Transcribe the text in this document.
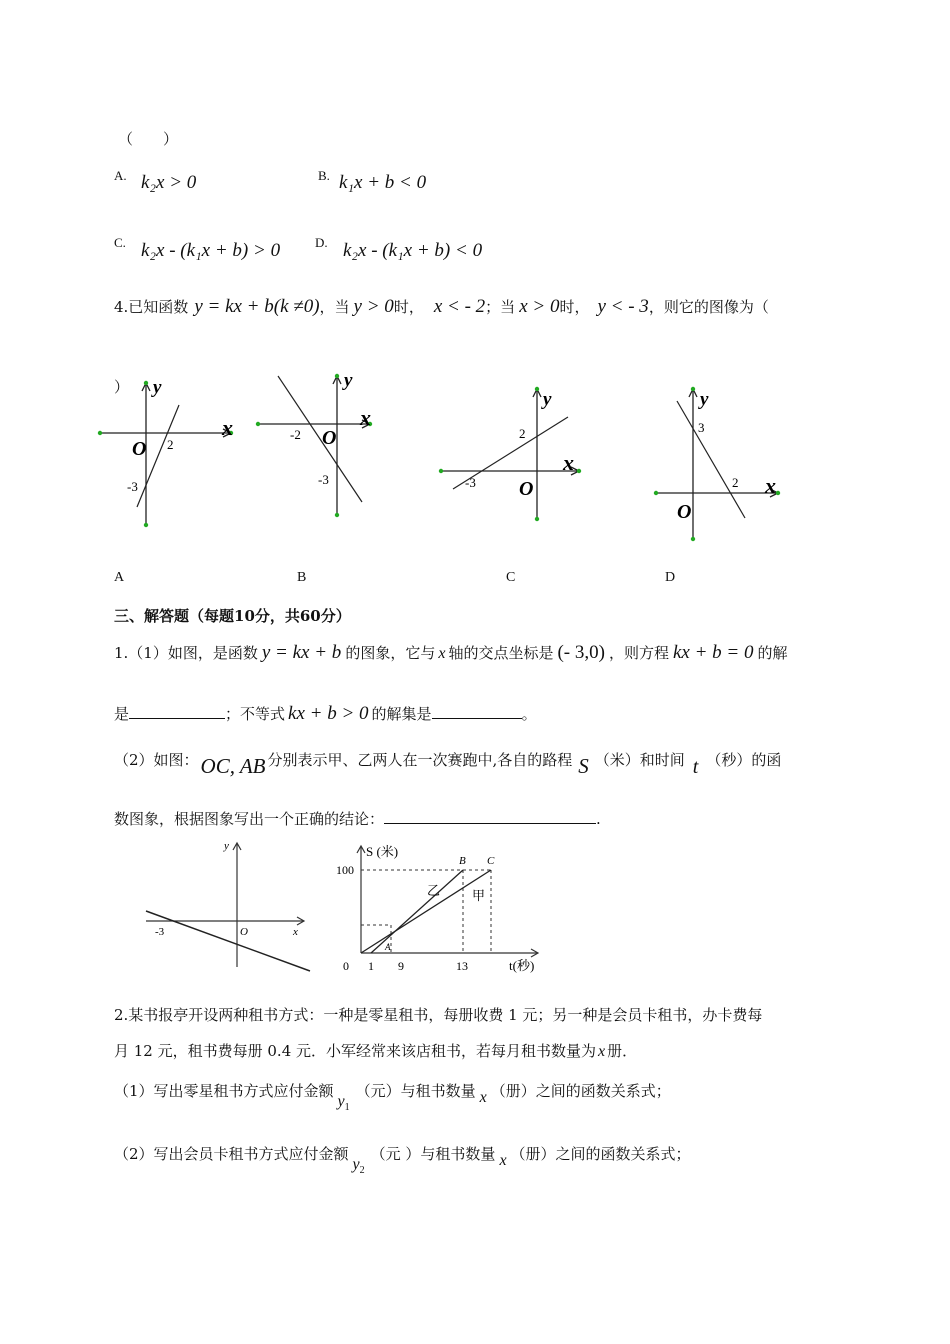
（　　）
A. k₂x > 0	B. k₁x + b < 0
C. k₂x - (k₁x + b) > 0	D. k₂x - (k₁x + b) < 0
4.已知函数 y = kx + b(k ≠0) ，当 y > 0 时， x < - 2 ；当 x > 0 时， y < - 3 ，则它的图像为（
） y
x
O 2
-3
A
y
x
O
-2
-3
B
y
x
O
2
-3
C
y
x
O
3
2
D
三、解答题（每题10分，共60分）
1.（1）如图，是函数 y = kx + b 的图象，它与 x 轴的交点坐标是 (- 3,0) ，则方程 kx + b = 0 的解
是	；不等式 kx + b > 0 的解集是	。
（2）如图： OC, AB 分别表示甲、乙两人在一次赛跑中,各自的路程 S （米）和时间 t （秒）的函
数图象，根据图象写出一个正确的结论：	.
y
x
O
-3
S (米)
100
t(秒)
0 1 9	13
A
B C
乙 甲
2.某书报亭开设两种租书方式：一种是零星租书，每册收费 1 元；另一种是会员卡租书，办卡费每
月 12 元，租书费每册 0.4 元．小军经常来该店租书，若每月租书数量为 x 册．
（1）写出零星租书方式应付金额
y 1
（元）与租书数量 x （册）之间的函数关系式；
（2）写出会员卡租书方式应付金额
y 2
（元 ）与租书数量 x （册）之间的函数关系式；
